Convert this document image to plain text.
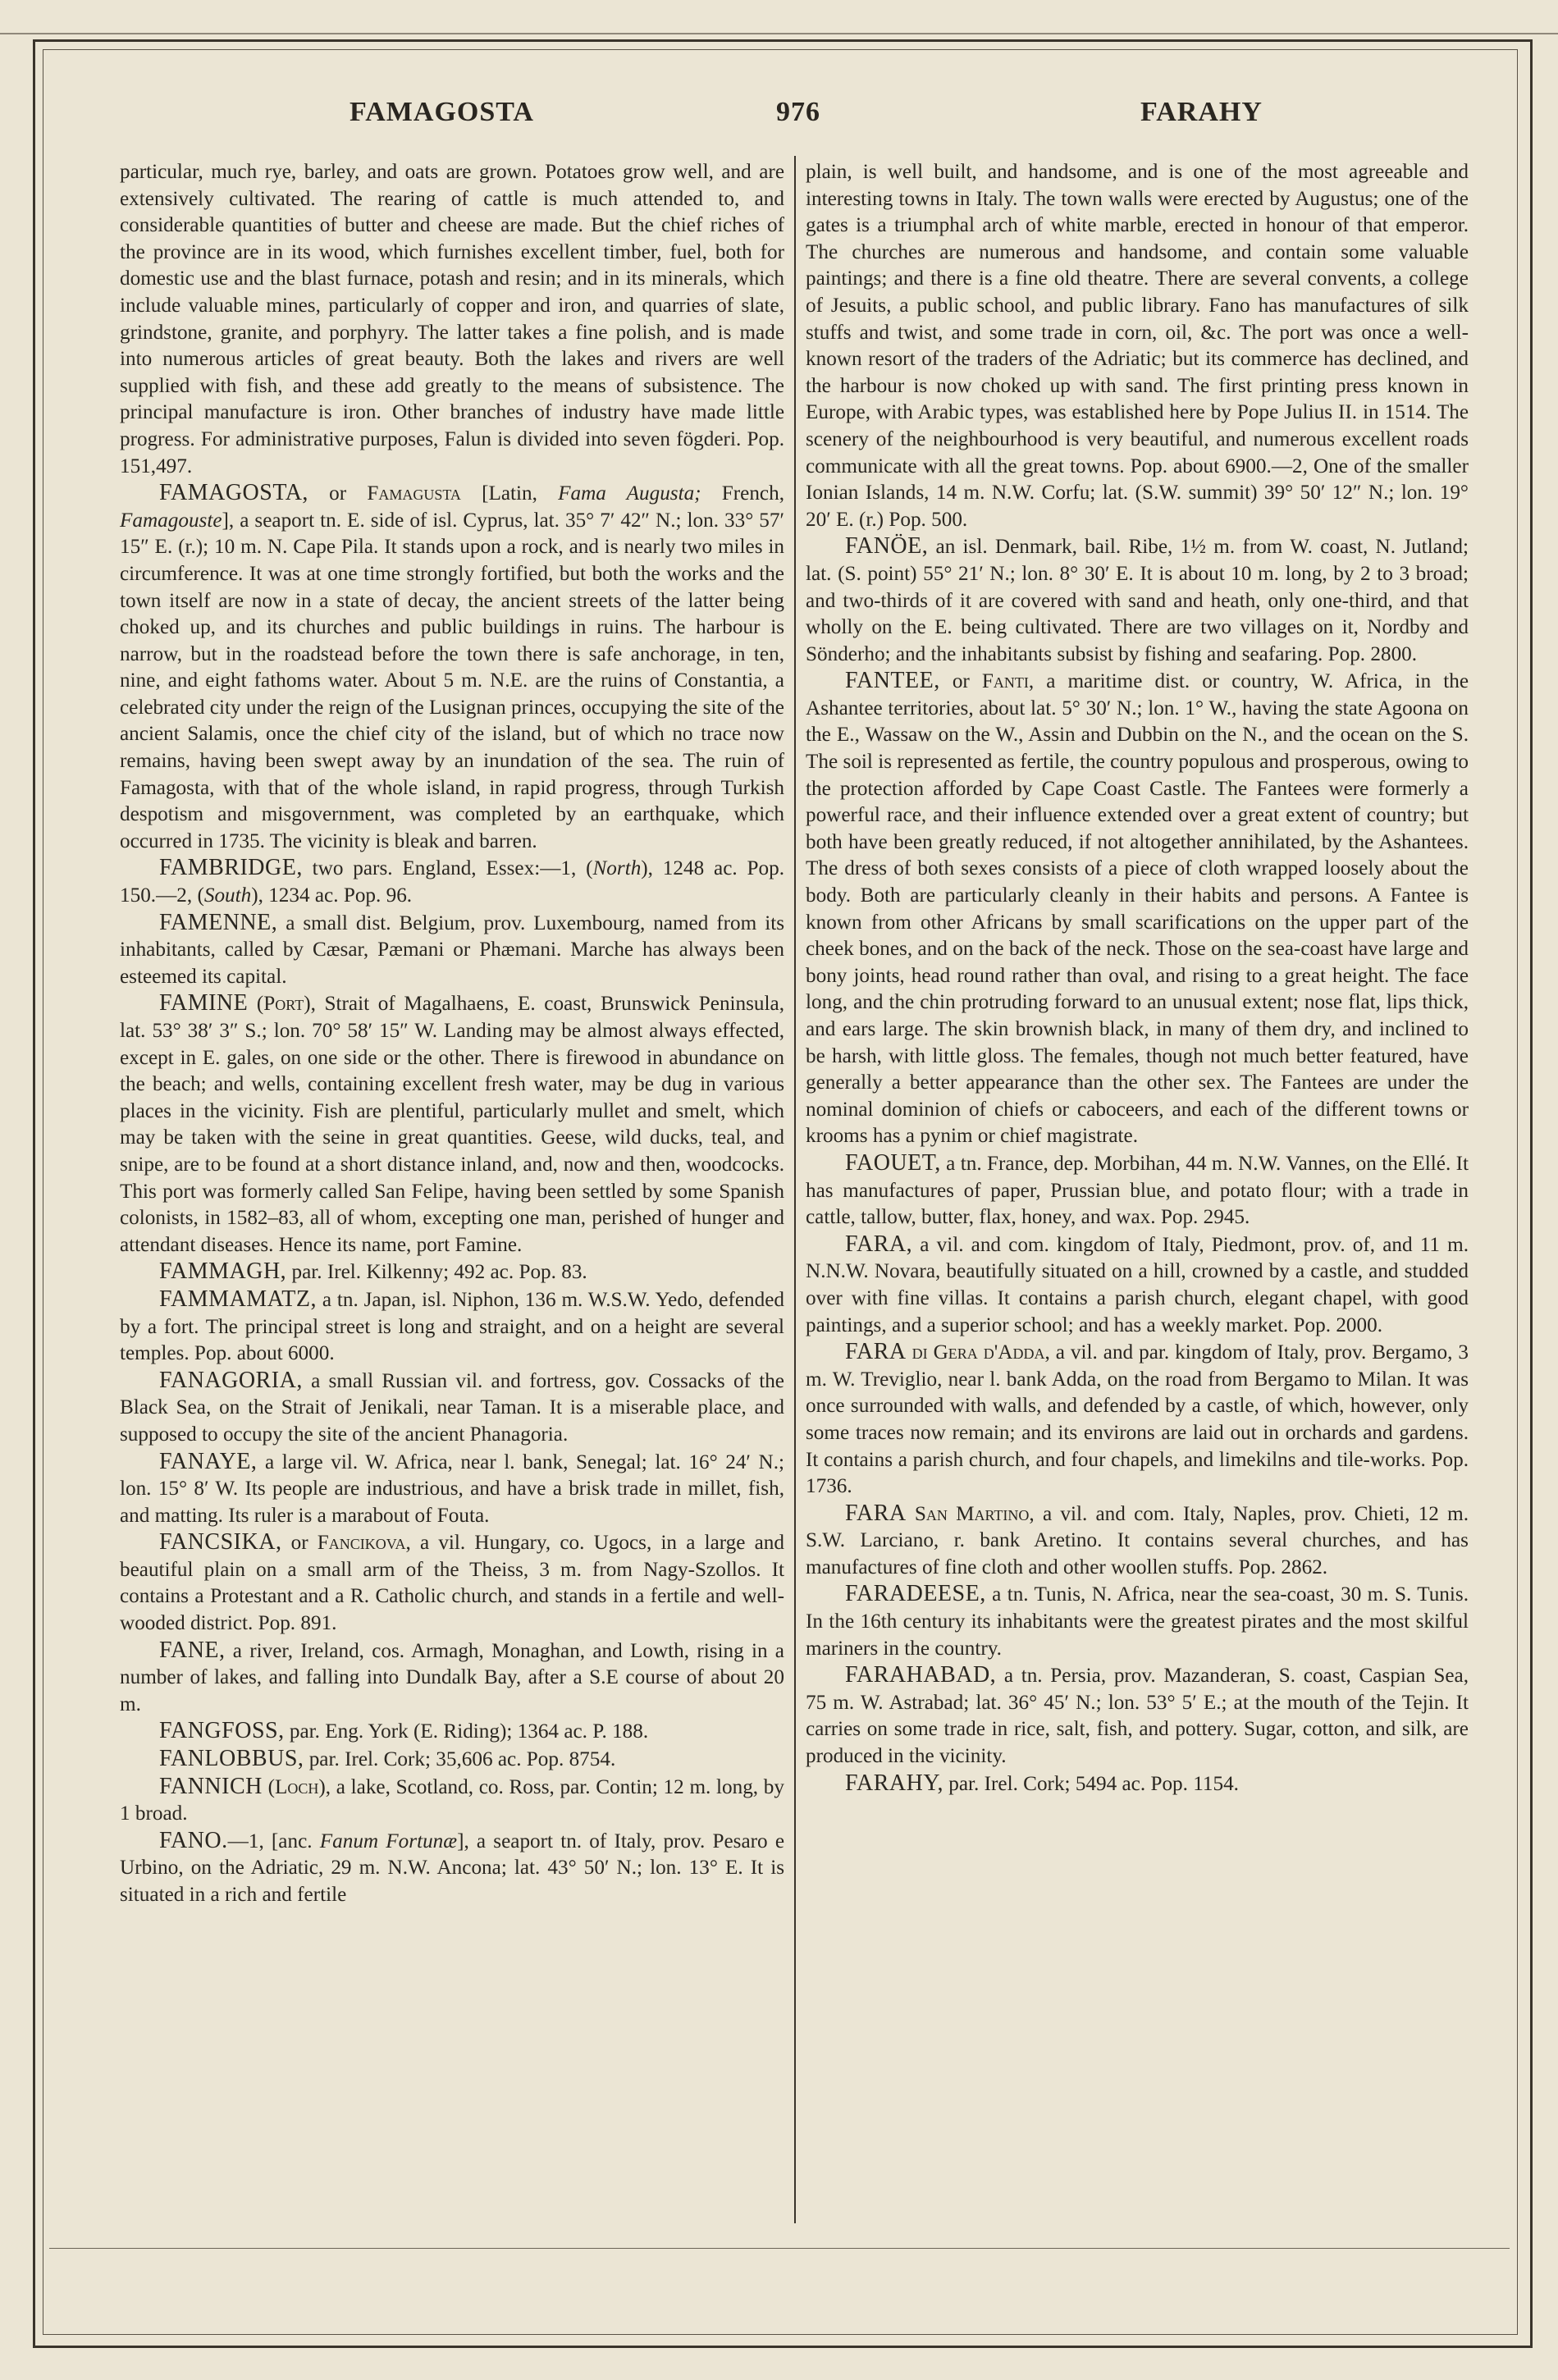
FAMAGOSTA	976	FARAHY

particular, much rye, barley, and oats are grown. Potatoes grow well, and are extensively cultivated. The rearing of cattle is much attended to, and considerable quantities of butter and cheese are made. But the chief riches of the province are in its wood, which furnishes excellent timber, fuel, both for domestic use and the blast furnace, potash and resin; and in its minerals, which include valuable mines, particularly of copper and iron, and quarries of slate, grindstone, granite, and porphyry. The latter takes a fine polish, and is made into numerous articles of great beauty. Both the lakes and rivers are well supplied with fish, and these add greatly to the means of subsistence. The principal manufacture is iron. Other branches of industry have made little progress. For administrative purposes, Falun is divided into seven fögderi. Pop. 151,497.

FAMAGOSTA, or Famagusta [Latin, Fama Augusta; French, Famagouste], a seaport tn. E. side of isl. Cyprus, lat. 35° 7′ 42″ N.; lon. 33° 57′ 15″ E. (r.); 10 m. N. Cape Pila. It stands upon a rock, and is nearly two miles in circumference. It was at one time strongly fortified, but both the works and the town itself are now in a state of decay, the ancient streets of the latter being choked up, and its churches and public buildings in ruins. The harbour is narrow, but in the roadstead before the town there is safe anchorage, in ten, nine, and eight fathoms water. About 5 m. N.E. are the ruins of Constantia, a celebrated city under the reign of the Lusignan princes, occupying the site of the ancient Salamis, once the chief city of the island, but of which no trace now remains, having been swept away by an inundation of the sea. The ruin of Famagosta, with that of the whole island, in rapid progress, through Turkish despotism and misgovernment, was completed by an earthquake, which occurred in 1735. The vicinity is bleak and barren.

FAMBRIDGE, two pars. England, Essex:—1, (North), 1248 ac. Pop. 150.—2, (South), 1234 ac. Pop. 96.

FAMENNE, a small dist. Belgium, prov. Luxembourg, named from its inhabitants, called by Cæsar, Pæmani or Phæmani. Marche has always been esteemed its capital.

FAMINE (Port), Strait of Magalhaens, E. coast, Brunswick Peninsula, lat. 53° 38′ 3″ S.; lon. 70° 58′ 15″ W. Landing may be almost always effected, except in E. gales, on one side or the other. There is firewood in abundance on the beach; and wells, containing excellent fresh water, may be dug in various places in the vicinity. Fish are plentiful, particularly mullet and smelt, which may be taken with the seine in great quantities. Geese, wild ducks, teal, and snipe, are to be found at a short distance inland, and, now and then, woodcocks. This port was formerly called San Felipe, having been settled by some Spanish colonists, in 1582–83, all of whom, excepting one man, perished of hunger and attendant diseases. Hence its name, port Famine.

FAMMAGH, par. Irel. Kilkenny; 492 ac. Pop. 83.

FAMMAMATZ, a tn. Japan, isl. Niphon, 136 m. W.S.W. Yedo, defended by a fort. The principal street is long and straight, and on a height are several temples. Pop. about 6000.

FANAGORIA, a small Russian vil. and fortress, gov. Cossacks of the Black Sea, on the Strait of Jenikali, near Taman. It is a miserable place, and supposed to occupy the site of the ancient Phanagoria.

FANAYE, a large vil. W. Africa, near l. bank, Senegal; lat. 16° 24′ N.; lon. 15° 8′ W. Its people are industrious, and have a brisk trade in millet, fish, and matting. Its ruler is a marabout of Fouta.

FANCSIKA, or Fancikova, a vil. Hungary, co. Ugocs, in a large and beautiful plain on a small arm of the Theiss, 3 m. from Nagy-Szollos. It contains a Protestant and a R. Catholic church, and stands in a fertile and well-wooded district. Pop. 891.

FANE, a river, Ireland, cos. Armagh, Monaghan, and Lowth, rising in a number of lakes, and falling into Dundalk Bay, after a S.E course of about 20 m.

FANGFOSS, par. Eng. York (E. Riding); 1364 ac. P. 188.

FANLOBBUS, par. Irel. Cork; 35,606 ac. Pop. 8754.

FANNICH (Loch), a lake, Scotland, co. Ross, par. Contin; 12 m. long, by 1 broad.

FANO.—1, [anc. Fanum Fortunæ], a seaport tn. of Italy, prov. Pesaro e Urbino, on the Adriatic, 29 m. N.W. Ancona; lat. 43° 50′ N.; lon. 13° E. It is situated in a rich and fertile

plain, is well built, and handsome, and is one of the most agreeable and interesting towns in Italy. The town walls were erected by Augustus; one of the gates is a triumphal arch of white marble, erected in honour of that emperor. The churches are numerous and handsome, and contain some valuable paintings; and there is a fine old theatre. There are several convents, a college of Jesuits, a public school, and public library. Fano has manufactures of silk stuffs and twist, and some trade in corn, oil, &c. The port was once a well-known resort of the traders of the Adriatic; but its commerce has declined, and the harbour is now choked up with sand. The first printing press known in Europe, with Arabic types, was established here by Pope Julius II. in 1514. The scenery of the neighbourhood is very beautiful, and numerous excellent roads communicate with all the great towns. Pop. about 6900.—2, One of the smaller Ionian Islands, 14 m. N.W. Corfu; lat. (S.W. summit) 39° 50′ 12″ N.; lon. 19° 20′ E. (r.) Pop. 500.

FANÖE, an isl. Denmark, bail. Ribe, 1½ m. from W. coast, N. Jutland; lat. (S. point) 55° 21′ N.; lon. 8° 30′ E. It is about 10 m. long, by 2 to 3 broad; and two-thirds of it are covered with sand and heath, only one-third, and that wholly on the E. being cultivated. There are two villages on it, Nordby and Sönderho; and the inhabitants subsist by fishing and seafaring. Pop. 2800.

FANTEE, or Fanti, a maritime dist. or country, W. Africa, in the Ashantee territories, about lat. 5° 30′ N.; lon. 1° W., having the state Agoona on the E., Wassaw on the W., Assin and Dubbin on the N., and the ocean on the S. The soil is represented as fertile, the country populous and prosperous, owing to the protection afforded by Cape Coast Castle. The Fantees were formerly a powerful race, and their influence extended over a great extent of country; but both have been greatly reduced, if not altogether annihilated, by the Ashantees. The dress of both sexes consists of a piece of cloth wrapped loosely about the body. Both are particularly cleanly in their habits and persons. A Fantee is known from other Africans by small scarifications on the upper part of the cheek bones, and on the back of the neck. Those on the sea-coast have large and bony joints, head round rather than oval, and rising to a great height. The face long, and the chin protruding forward to an unusual extent; nose flat, lips thick, and ears large. The skin brownish black, in many of them dry, and inclined to be harsh, with little gloss. The females, though not much better featured, have generally a better appearance than the other sex. The Fantees are under the nominal dominion of chiefs or caboceers, and each of the different towns or krooms has a pynim or chief magistrate.

FAOUET, a tn. France, dep. Morbihan, 44 m. N.W. Vannes, on the Ellé. It has manufactures of paper, Prussian blue, and potato flour; with a trade in cattle, tallow, butter, flax, honey, and wax. Pop. 2945.

FARA, a vil. and com. kingdom of Italy, Piedmont, prov. of, and 11 m. N.N.W. Novara, beautifully situated on a hill, crowned by a castle, and studded over with fine villas. It contains a parish church, elegant chapel, with good paintings, and a superior school; and has a weekly market. Pop. 2000.

FARA di Gera d'Adda, a vil. and par. kingdom of Italy, prov. Bergamo, 3 m. W. Treviglio, near l. bank Adda, on the road from Bergamo to Milan. It was once surrounded with walls, and defended by a castle, of which, however, only some traces now remain; and its environs are laid out in orchards and gardens. It contains a parish church, and four chapels, and limekilns and tile-works. Pop. 1736.

FARA San Martino, a vil. and com. Italy, Naples, prov. Chieti, 12 m. S.W. Larciano, r. bank Aretino. It contains several churches, and has manufactures of fine cloth and other woollen stuffs. Pop. 2862.

FARADEESE, a tn. Tunis, N. Africa, near the sea-coast, 30 m. S. Tunis. In the 16th century its inhabitants were the greatest pirates and the most skilful mariners in the country.

FARAHABAD, a tn. Persia, prov. Mazanderan, S. coast, Caspian Sea, 75 m. W. Astrabad; lat. 36° 45′ N.; lon. 53° 5′ E.; at the mouth of the Tejin. It carries on some trade in rice, salt, fish, and pottery. Sugar, cotton, and silk, are produced in the vicinity.

FARAHY, par. Irel. Cork; 5494 ac. Pop. 1154.
